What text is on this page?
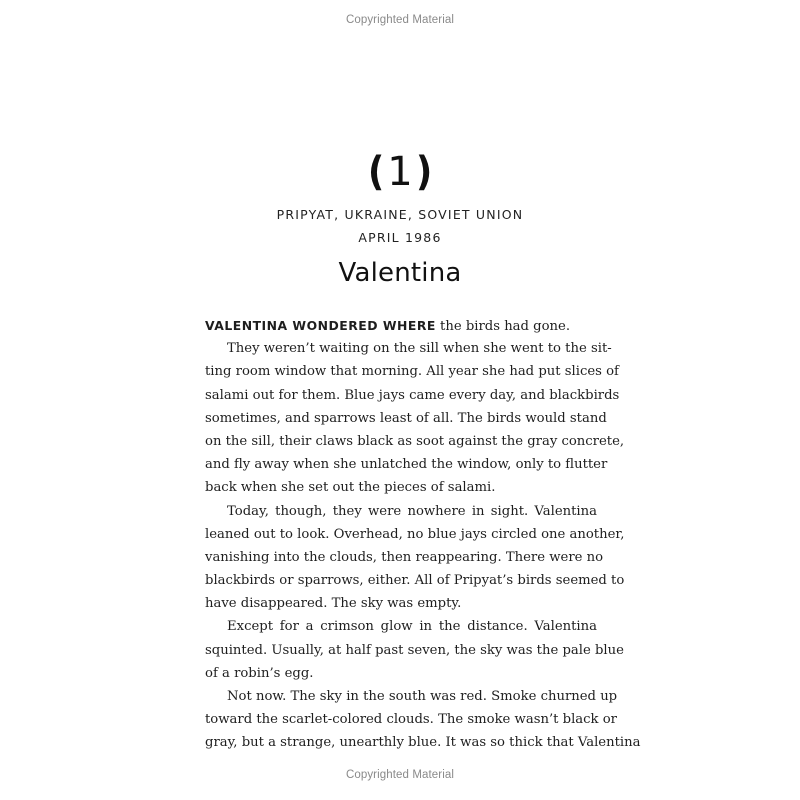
Copyrighted Material
(1)
PRIPYAT, UKRAINE, SOVIET UNION
APRIL 1986
Valentina
VALENTINA WONDERED WHERE the birds had gone.
They weren’t waiting on the sill when she went to the sit-
ting room window that morning. All year she had put slices of
salami out for them. Blue jays came every day, and blackbirds
sometimes, and sparrows least of all. The birds would stand
on the sill, their claws black as soot against the gray concrete,
and fly away when she unlatched the window, only to flutter
back when she set out the pieces of salami.
Today, though, they were nowhere in sight. Valentina
leaned out to look. Overhead, no blue jays circled one another,
vanishing into the clouds, then reappearing. There were no
blackbirds or sparrows, either. All of Pripyat’s birds seemed to
have disappeared. The sky was empty.
Except for a crimson glow in the distance. Valentina
squinted. Usually, at half past seven, the sky was the pale blue
of a robin’s egg.
Not now. The sky in the south was red. Smoke churned up
toward the scarlet-colored clouds. The smoke wasn’t black or
gray, but a strange, unearthly blue. It was so thick that Valentina
Copyrighted Material
